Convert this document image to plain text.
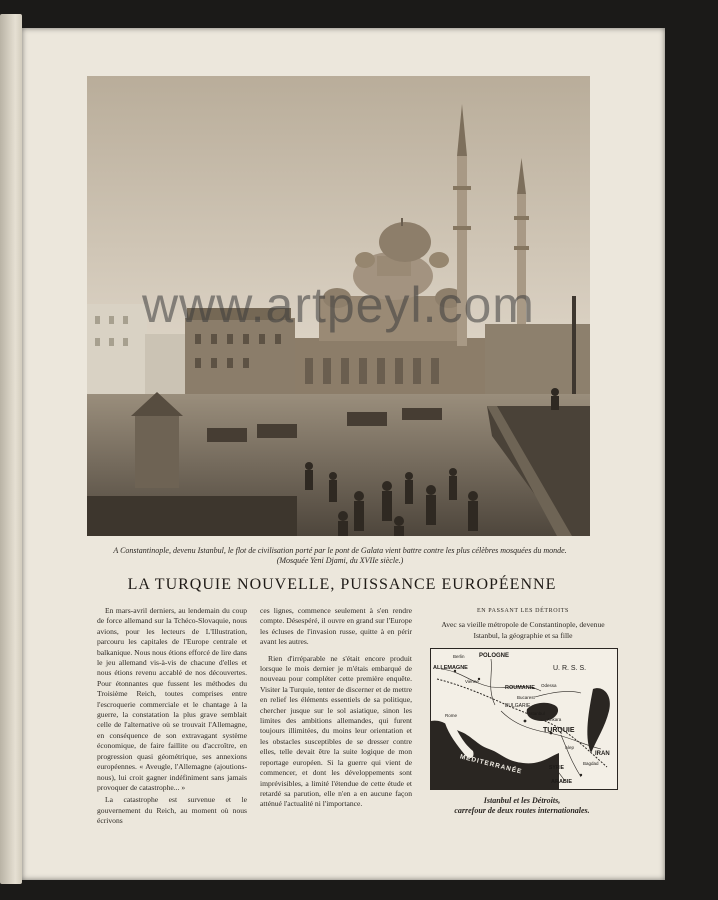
www.artpeyl.com
A Constantinople, devenu Istanbul, le flot de civilisation porté par le pont de Galata vient battre contre les plus célèbres mosquées du monde.
(Mosquée Yeni Djami, du XVIIe siècle.)
LA TURQUIE NOUVELLE, PUISSANCE EUROPÉENNE

En mars-avril derniers, au lendemain du coup de force allemand sur la Tchéco-Slovaquie, nous avions, pour les lecteurs de L'Illustration, parcouru les capitales de l'Europe centrale et balkanique. Nous nous étions efforcé de lire dans le jeu allemand vis-à-vis de chacune d'elles et nous étions revenu accablé de nos découvertes. Pour étonnantes que fussent les méthodes du Troisième Reich, toutes comprises entre l'escroquerie commerciale et le chantage à la guerre, la constatation la plus grave semblait celle de l'alternative où se trouvait l'Allemagne, en conséquence de son extravagant système économique, de faire faillite ou d'accroître, en progression quasi géométrique, ses annexions européennes. « Aveugle, l'Allemagne (ajoutions-nous), lui croit gagner indéfiniment sans jamais provoquer de catastrophe... »

La catastrophe est survenue et le gouvernement du Reich, au moment où nous écrivons

ces lignes, commence seulement à s'en rendre compte. Désespéré, il ouvre en grand sur l'Europe les écluses de l'invasion russe, quitte à en périr avant les autres.

Rien d'irréparable ne s'était encore produit lorsque le mois dernier je m'étais embarqué de nouveau pour compléter cette première enquête. Visiter la Turquie, tenter de discerner et de mettre en relief les éléments essentiels de sa politique, chercher jusque sur le sol asiatique, sinon les limites des ambitions allemandes, qui furent toujours illimitées, du moins leur orientation et les obstacles susceptibles de se dresser contre elles, telle devait être la suite logique de mon reportage européen. Si la guerre qui vient de commencer, et dont les développements sont imprévisibles, a limité l'étendue de cette étude et retardé sa parution, elle n'en a en aucune façon atténué l'actualité ni l'importance.

EN PASSANT LES DÉTROITS

Avec sa vieille métropole de Constantinople, devenue Istanbul, la géographie et sa fille

POLOGNE
U. R. S. S.
ALLEMAGNE
ROUMANIE
BULGARIE
TURQUIE
IRAN
ARABIE
MÉDITERRANÉE
Berlin
Vienne
Rome
Athènes
Ankara
Bagdad
Istanbul
Odessa
Bucarest
Alep
SYRIE
Istanbul et les Détroits,
carrefour de deux routes internationales.
